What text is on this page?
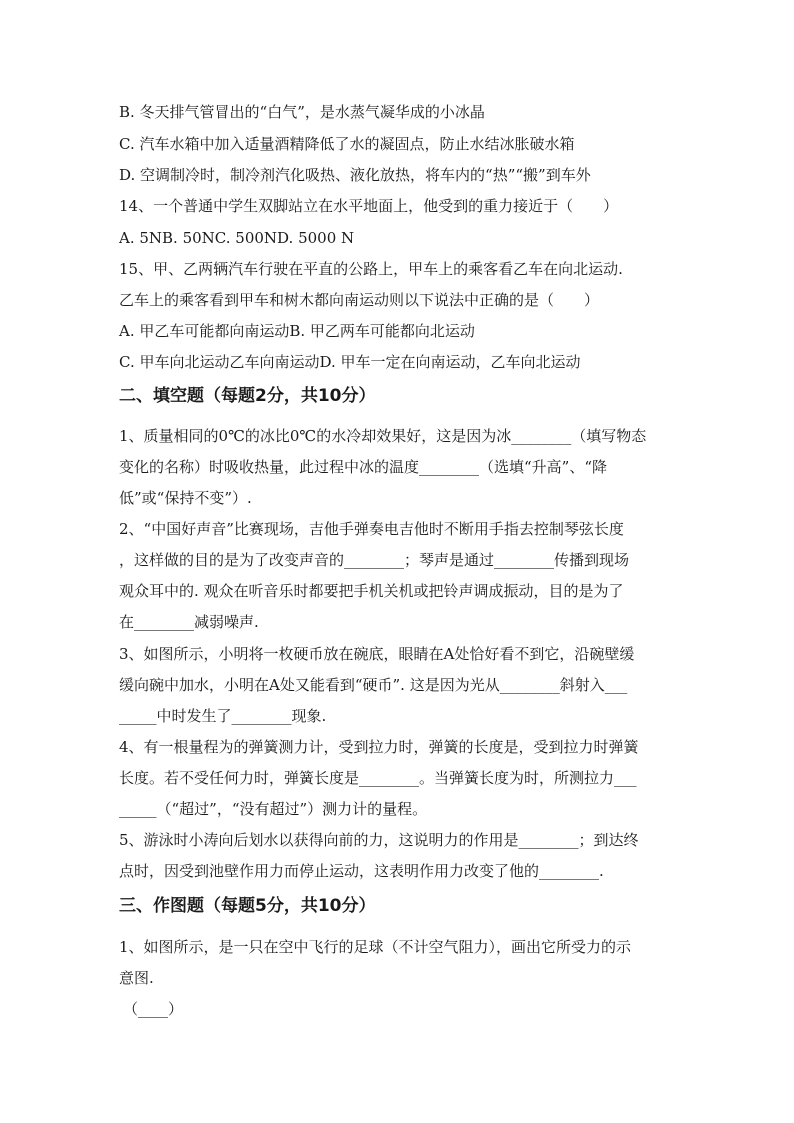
B. 冬天排气管冒出的“白气”，是水蒸气凝华成的小冰晶
C. 汽车水箱中加入适量酒精降低了水的凝固点，防止水结冰胀破水箱
D. 空调制冷时，制冷剂汽化吸热、液化放热，将车内的“热”“搬”到车外
14、一个普通中学生双脚站立在水平地面上，他受到的重力接近于（　　）
A. 5NB. 50NC. 500ND. 5000 N
15、甲、乙两辆汽车行驶在平直的公路上，甲车上的乘客看乙车在向北运动.
乙车上的乘客看到甲车和树木都向南运动则以下说法中正确的是（　　）
A. 甲乙车可能都向南运动B. 甲乙两车可能都向北运动
C. 甲车向北运动乙车向南运动D. 甲车一定在向南运动，乙车向北运动
二、填空题（每题2分，共10分）
1、质量相同的0℃的冰比0℃的水冷却效果好，这是因为冰________（填写物态
变化的名称）时吸收热量，此过程中冰的温度________（选填“升高”、“降
低”或“保持不变”）.
2、“中国好声音”比赛现场，吉他手弹奏电吉他时不断用手指去控制琴弦长度
，这样做的目的是为了改变声音的________；琴声是通过________传播到现场
观众耳中的. 观众在听音乐时都要把手机关机或把铃声调成振动，目的是为了
在________减弱噪声.
3、如图所示，小明将一枚硬币放在碗底，眼睛在A处恰好看不到它，沿碗壁缓
缓向碗中加水，小明在A处又能看到“硬币”. 这是因为光从________斜射入___
_____中时发生了________现象.
4、有一根量程为的弹簧测力计，受到拉力时，弹簧的长度是，受到拉力时弹簧
长度。若不受任何力时，弹簧长度是________。当弹簧长度为时，所测拉力___
_____（“超过”，“没有超过”）测力计的量程。
5、游泳时小涛向后划水以获得向前的力，这说明力的作用是________；到达终
点时，因受到池壁作用力而停止运动，这表明作用力改变了他的________.
三、作图题（每题5分，共10分）
1、如图所示，是一只在空中飞行的足球（不计空气阻力），画出它所受力的示
意图.
（____）
